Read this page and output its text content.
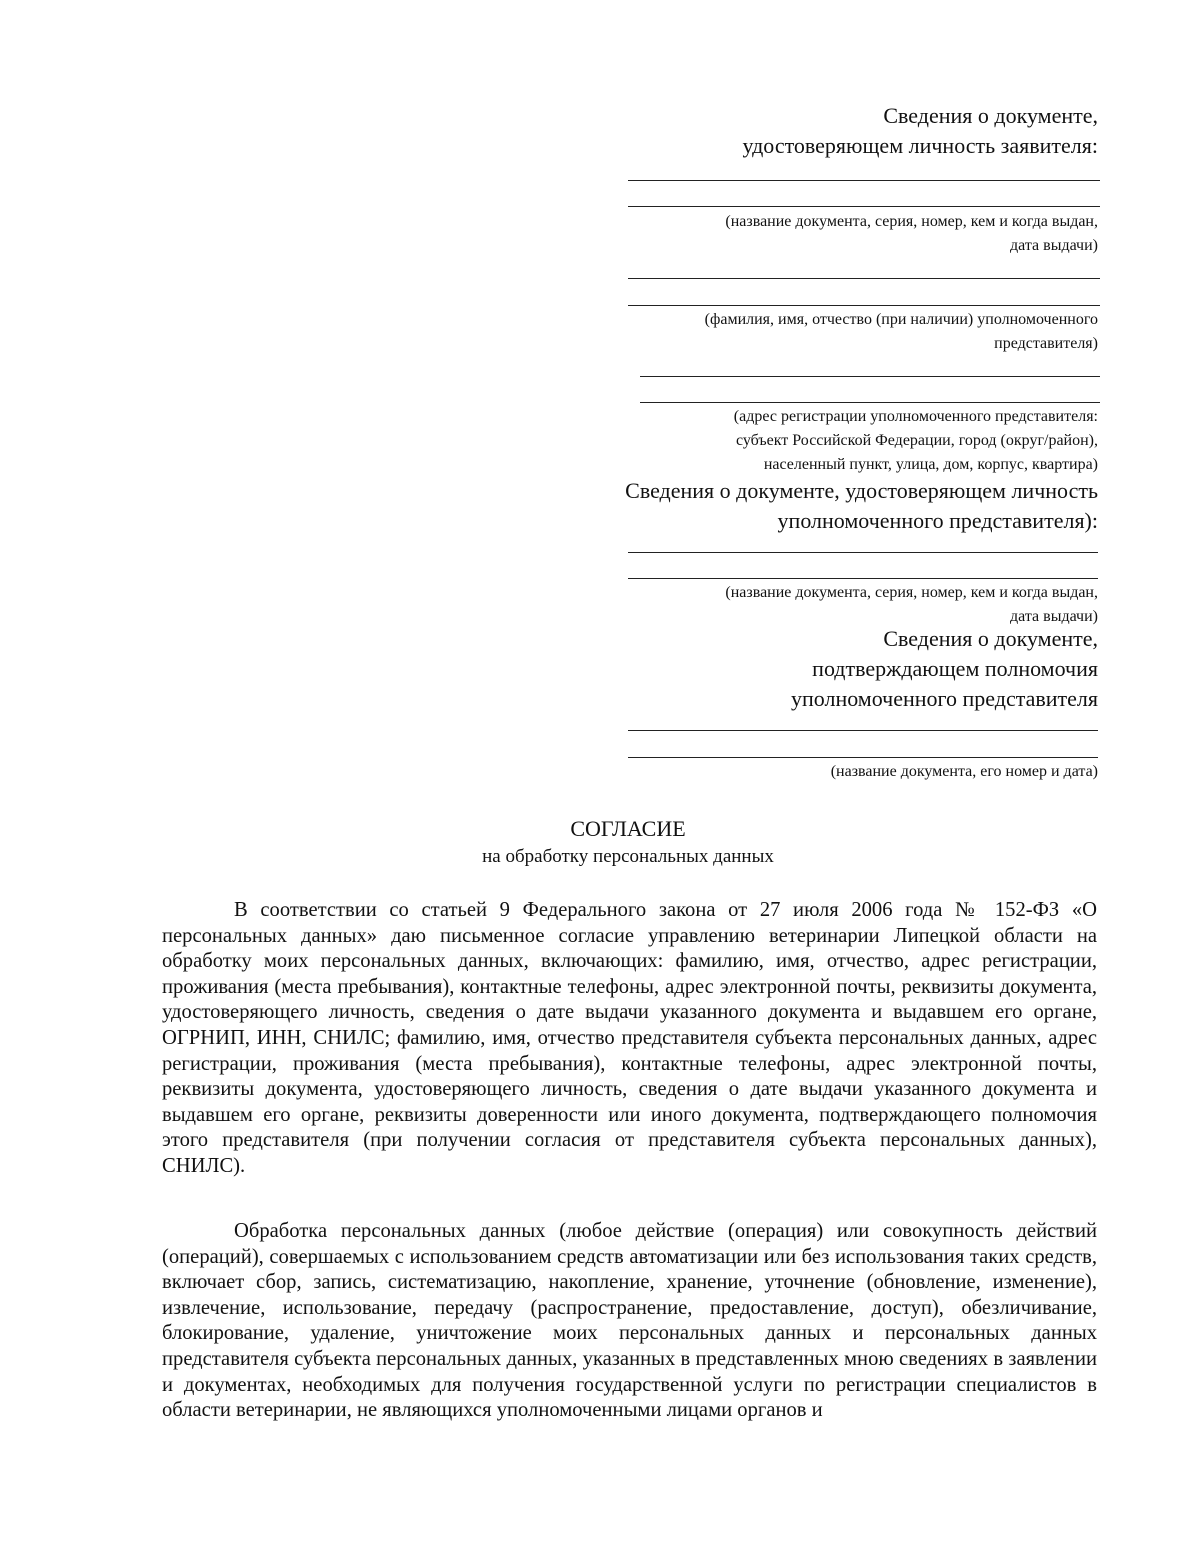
Сведения о документе,
удостоверяющем личность заявителя:
(название документа, серия, номер, кем и когда выдан,
дата выдачи)
(фамилия, имя, отчество (при наличии) уполномоченного
представителя)
(адрес регистрации уполномоченного представителя:
субъект Российской Федерации, город (округ/район),
населенный пункт, улица, дом, корпус, квартира)
Сведения о документе, удостоверяющем личность
уполномоченного представителя):
(название документа, серия, номер, кем и когда выдан,
дата выдачи)
Сведения о документе,
подтверждающем полномочия
уполномоченного представителя
(название документа, его номер и дата)
СОГЛАСИЕ
на обработку персональных данных
В соответствии со статьей 9 Федерального закона от 27 июля 2006 года № 152-ФЗ «О персональных данных» даю письменное согласие управлению ветеринарии Липецкой области на обработку моих персональных данных, включающих: фамилию, имя, отчество, адрес регистрации, проживания (места пребывания), контактные телефоны, адрес электронной почты, реквизиты документа, удостоверяющего личность, сведения о дате выдачи указанного документа и выдавшем его органе, ОГРНИП, ИНН, СНИЛС; фамилию, имя, отчество представителя субъекта персональных данных, адрес регистрации, проживания (места пребывания), контактные телефоны, адрес электронной почты, реквизиты документа, удостоверяющего личность, сведения о дате выдачи указанного документа и выдавшем его органе, реквизиты доверенности или иного документа, подтверждающего полномочия этого представителя (при получении согласия от представителя субъекта персональных данных), СНИЛС).
Обработка персональных данных (любое действие (операция) или совокупность действий (операций), совершаемых с использованием средств автоматизации или без использования таких средств, включает сбор, запись, систематизацию, накопление, хранение, уточнение (обновление, изменение), извлечение, использование, передачу (распространение, предоставление, доступ), обезличивание, блокирование, удаление, уничтожение моих персональных данных и персональных данных представителя субъекта персональных данных, указанных в представленных мною сведениях в заявлении и документах, необходимых для получения государственной услуги по регистрации специалистов в области ветеринарии, не являющихся уполномоченными лицами органов и
